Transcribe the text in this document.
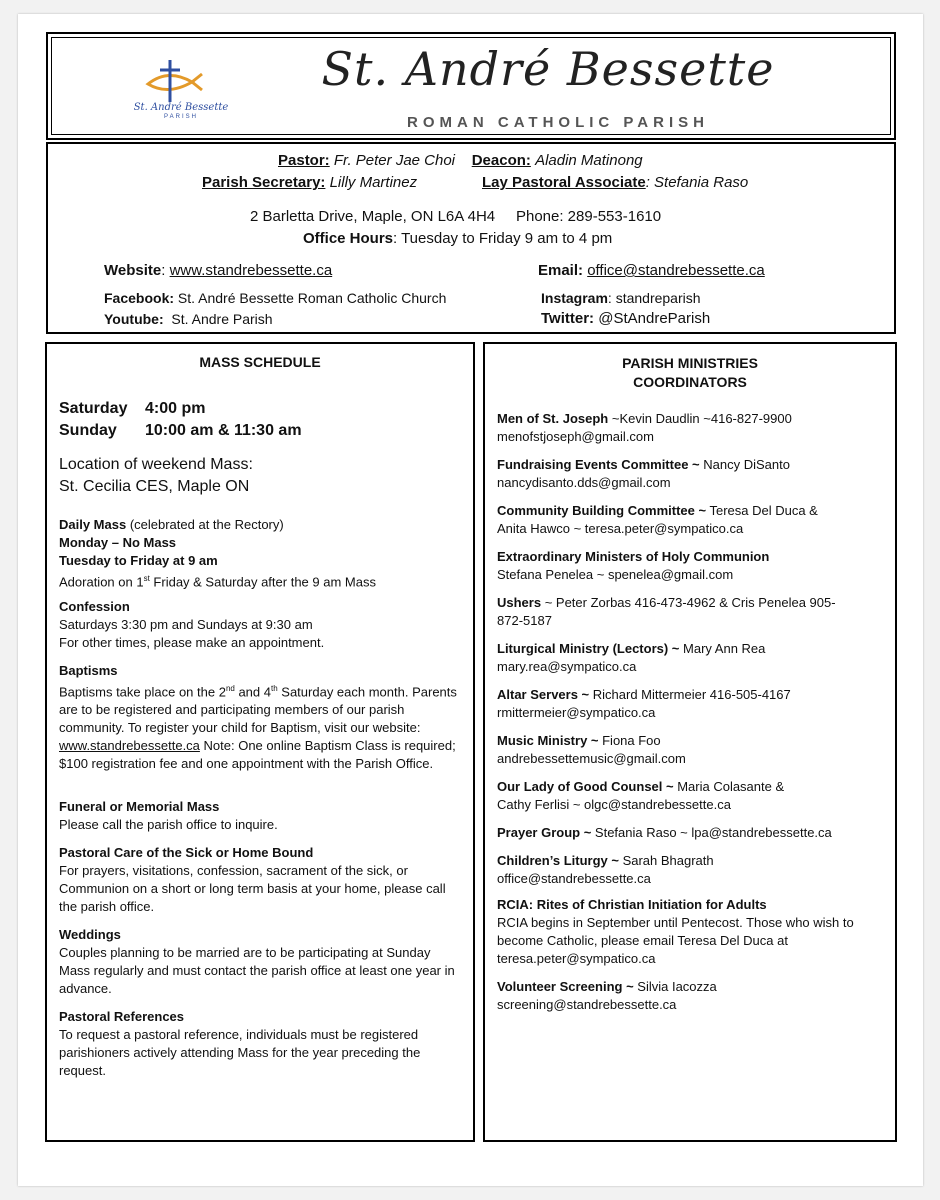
St. André Bessette
PARISH
St. André Bessette
ROMAN CATHOLIC PARISH
Pastor: Fr. Peter Jae Choi Deacon: Aladin Matinong
Parish Secretary: Lilly Martinez	Lay Pastoral Associate: Stefania Raso
2 Barletta Drive, Maple, ON L6A 4H4 Phone: 289-553-1610
Office Hours: Tuesday to Friday 9 am to 4 pm
Website: www.standrebessette.ca	Email: office@standrebessette.ca
Facebook: St. André Bessette Roman Catholic Church	Instagram: standreparish
Youtube: St. Andre Parish	Twitter: @StAndreParish
MASS SCHEDULE
Saturday 4:00 pm
Sunday 10:00 am & 11:30 am
Location of weekend Mass:
St. Cecilia CES, Maple ON
Daily Mass (celebrated at the Rectory)
Monday – No Mass
Tuesday to Friday at 9 am
Adoration on 1st Friday & Saturday after the 9 am Mass
Confession
Saturdays 3:30 pm and Sundays at 9:30 am
For other times, please make an appointment.
Baptisms
Baptisms take place on the 2nd and 4th Saturday each month. Parents are to be registered and participating members of our parish community. To register your child for Baptism, visit our website: www.standrebessette.ca Note: One online Baptism Class is required; $100 registration fee and one appointment with the Parish Office.
Funeral or Memorial Mass
Please call the parish office to inquire.
Pastoral Care of the Sick or Home Bound
For prayers, visitations, confession, sacrament of the sick, or Communion on a short or long term basis at your home, please call the parish office.
Weddings
Couples planning to be married are to be participating at Sunday Mass regularly and must contact the parish office at least one year in advance.
Pastoral References
To request a pastoral reference, individuals must be registered parishioners actively attending Mass for the year preceding the request.
PARISH MINISTRIES
COORDINATORS
Men of St. Joseph ~Kevin Daudlin ~416-827-9900
menofstjoseph@gmail.com
Fundraising Events Committee ~ Nancy DiSanto
nancydisanto.dds@gmail.com
Community Building Committee ~ Teresa Del Duca &
Anita Hawco ~ teresa.peter@sympatico.ca
Extraordinary Ministers of Holy Communion
Stefana Penelea ~ spenelea@gmail.com
Ushers ~ Peter Zorbas 416-473-4962 & Cris Penelea 905-
872-5187
Liturgical Ministry (Lectors) ~ Mary Ann Rea
mary.rea@sympatico.ca
Altar Servers ~ Richard Mittermeier 416-505-4167
rmittermeier@sympatico.ca
Music Ministry ~ Fiona Foo
andrebessettemusic@gmail.com
Our Lady of Good Counsel ~ Maria Colasante &
Cathy Ferlisi ~ olgc@standrebessette.ca
Prayer Group ~ Stefania Raso ~ lpa@standrebessette.ca
Children’s Liturgy ~ Sarah Bhagrath
office@standrebessette.ca
RCIA: Rites of Christian Initiation for Adults
RCIA begins in September until Pentecost. Those who wish to become Catholic, please email Teresa Del Duca at teresa.peter@sympatico.ca
Volunteer Screening ~ Silvia Iacozza
screening@standrebessette.ca
